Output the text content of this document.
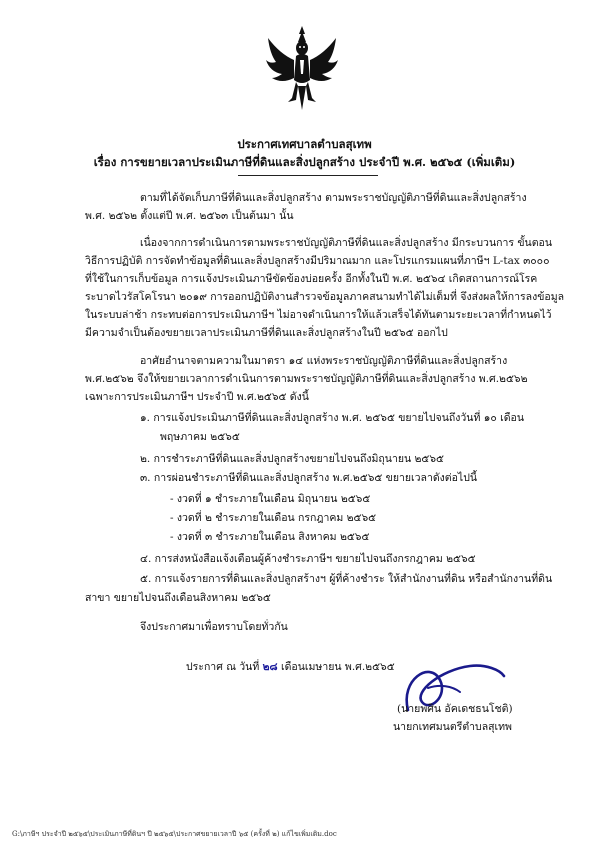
ประกาศเทศบาลตำบลสุเทพ
เรื่อง การขยายเวลาประเมินภาษีที่ดินและสิ่งปลูกสร้าง ประจำปี พ.ศ. ๒๕๖๕ (เพิ่มเติม)
ตามที่ได้จัดเก็บภาษีที่ดินและสิ่งปลูกสร้าง ตามพระราชบัญญัติภาษีที่ดินและสิ่งปลูกสร้าง
พ.ศ. ๒๕๖๒ ตั้งแต่ปี พ.ศ. ๒๕๖๓ เป็นต้นมา นั้น
เนื่องจากการดำเนินการตามพระราชบัญญัติภาษีที่ดินและสิ่งปลูกสร้าง มีกระบวนการ ขั้นตอน
วิธีการปฏิบัติ การจัดทำข้อมูลที่ดินและสิ่งปลูกสร้างมีปริมาณมาก และโปรแกรมแผนที่ภาษีฯ L-tax ๓๐๐๐
ที่ใช้ในการเก็บข้อมูล การแจ้งประเมินภาษีขัดข้องบ่อยครั้ง อีกทั้งในปี พ.ศ. ๒๕๖๔ เกิดสถานการณ์โรค
ระบาดไวรัสโคโรนา ๒๐๑๙ การออกปฏิบัติงานสำรวจข้อมูลภาคสนามทำได้ไม่เต็มที่ จึงส่งผลให้การลงข้อมูล
ในระบบล่าช้า กระทบต่อการประเมินภาษีฯ ไม่อาจดำเนินการให้แล้วเสร็จได้ทันตามระยะเวลาที่กำหนดไว้
มีความจำเป็นต้องขยายเวลาประเมินภาษีที่ดินและสิ่งปลูกสร้างในปี ๒๕๖๕ ออกไป
อาศัยอำนาจตามความในมาตรา ๑๔ แห่งพระราชบัญญัติภาษีที่ดินและสิ่งปลูกสร้าง
พ.ศ.๒๕๖๒ จึงให้ขยายเวลาการดำเนินการตามพระราชบัญญัติภาษีที่ดินและสิ่งปลูกสร้าง พ.ศ.๒๕๖๒
เฉพาะการประเมินภาษีฯ ประจำปี พ.ศ.๒๕๖๕ ดังนี้
๑. การแจ้งประเมินภาษีที่ดินและสิ่งปลูกสร้าง พ.ศ. ๒๕๖๕ ขยายไปจนถึงวันที่ ๑๐ เดือน
พฤษภาคม ๒๕๖๕
๒. การชำระภาษีที่ดินและสิ่งปลูกสร้างขยายไปจนถึงมิถุนายน ๒๕๖๕
๓. การผ่อนชำระภาษีที่ดินและสิ่งปลูกสร้าง พ.ศ.๒๕๖๕ ขยายเวลาดังต่อไปนี้
- งวดที่ ๑ ชำระภายในเดือน มิถุนายน ๒๕๖๕
- งวดที่ ๒ ชำระภายในเดือน กรกฎาคม ๒๕๖๕
- งวดที่ ๓ ชำระภายในเดือน สิงหาคม ๒๕๖๕
๔. การส่งหนังสือแจ้งเตือนผู้ค้างชำระภาษีฯ ขยายไปจนถึงกรกฎาคม ๒๕๖๕
๕. การแจ้งรายการที่ดินและสิ่งปลูกสร้างฯ ผู้ที่ค้างชำระ ให้สำนักงานที่ดิน หรือสำนักงานที่ดิน
สาขา ขยายไปจนถึงเดือนสิงหาคม ๒๕๖๕
จึงประกาศมาเพื่อทราบโดยทั่วกัน
ประกาศ ณ วันที่ ๒๘ เดือนเมษายน พ.ศ.๒๕๖๕
(นายพศิน อัคเดชธนโชติ)
นายกเทศมนตรีตำบลสุเทพ
G:\ภาษีฯ ประจำปี ๒๕๖๕\ประเมินภาษีที่ดินฯ ปี ๒๕๖๕\ประกาศขยายเวลาปี ๖๕ (ครั้งที่ ๒) แก้ไขเพิ่มเติม.doc
